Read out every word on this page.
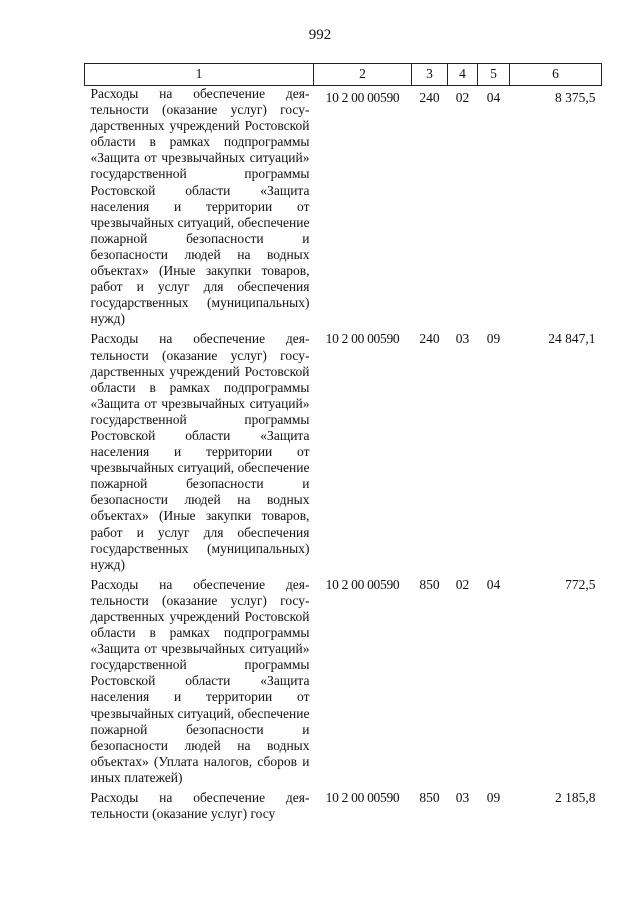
992
1	2	3	4	5	6
Расходы на обеспечение деятельности (оказание услуг) государственных учреждений Ростовской области в рамках подпрограммы «Защита от чрезвычайных ситуаций» государственной программы Ростовской области «Защита населения и территории от чрезвычайных ситуаций, обеспечение пожарной безопасности и безопасности людей на водных объектах» (Иные закупки товаров, работ и услуг для обеспечения государственных (муниципальных) нужд)	10 2 00 00590	240	02	04	8 375,5
Расходы на обеспечение деятельности (оказание услуг) государственных учреждений Ростовской области в рамках подпрограммы «Защита от чрезвычайных ситуаций» государственной программы Ростовской области «Защита населения и территории от чрезвычайных ситуаций, обеспечение пожарной безопасности и безопасности людей на водных объектах» (Иные закупки товаров, работ и услуг для обеспечения государственных (муниципальных) нужд)	10 2 00 00590	240	03	09	24 847,1
Расходы на обеспечение деятельности (оказание услуг) государственных учреждений Ростовской области в рамках подпрограммы «Защита от чрезвычайных ситуаций» государственной программы Ростовской области «Защита населения и территории от чрезвычайных ситуаций, обеспечение пожарной безопасности и безопасности людей на водных объектах» (Уплата налогов, сборов и иных платежей)	10 2 00 00590	850	02	04	772,5
Расходы на обеспечение деятельности (оказание услуг) госу	10 2 00 00590	850	03	09	2 185,8
